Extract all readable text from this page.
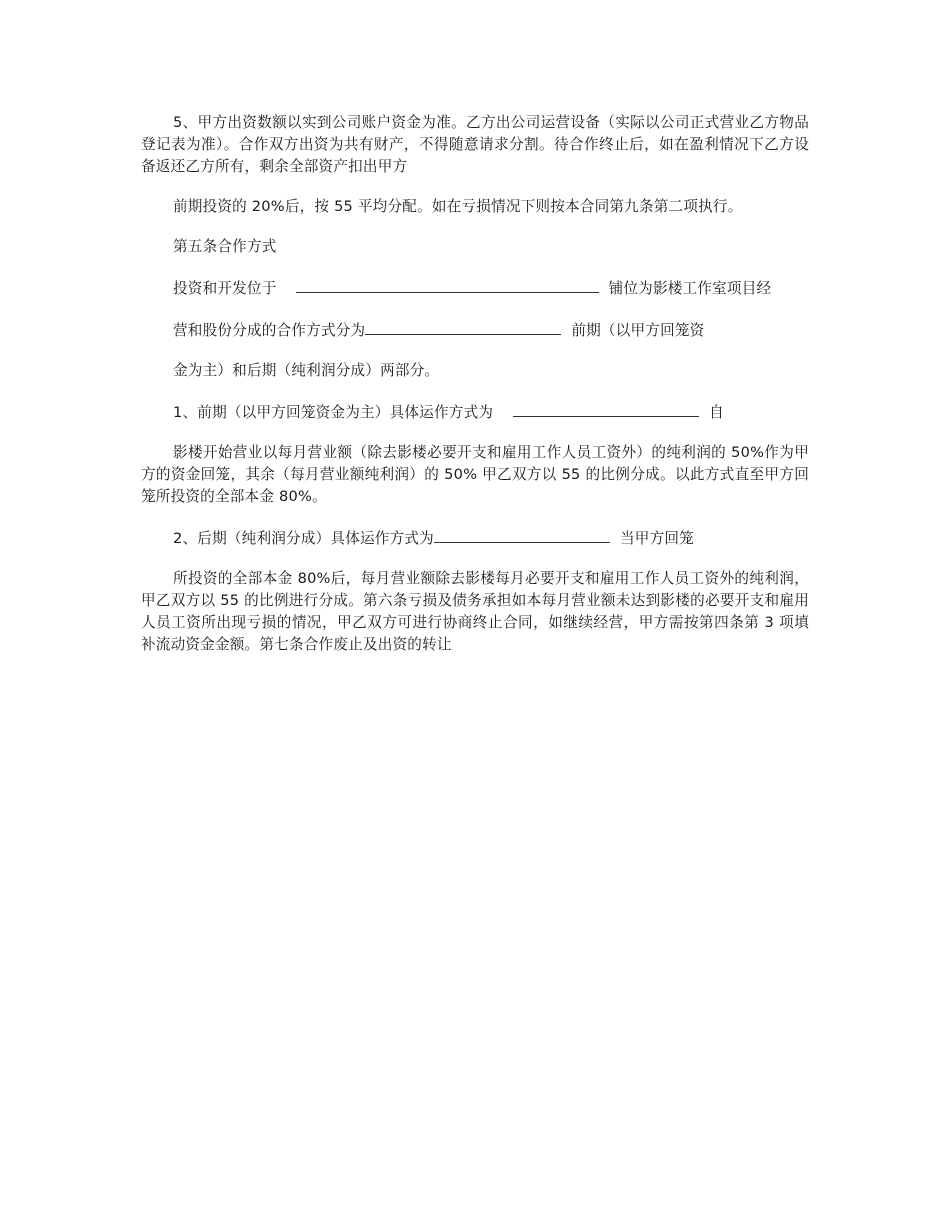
5、甲方出资数额以实到公司账户资金为准。乙方出公司运营设备（实际以公司正式营业乙方物品登记表为准）。合作双方出资为共有财产，不得随意请求分割。待合作终止后，如在盈利情况下乙方设备返还乙方所有，剩余全部资产扣出甲方

前期投资的 20%后，按 55 平均分配。如在亏损情况下则按本合同第九条第二项执行。

第五条合作方式

投资和开发位于	铺位为影楼工作室项目经

营和股份分成的合作方式分为	前期（以甲方回笼资

金为主）和后期（纯利润分成）两部分。

1、前期（以甲方回笼资金为主）具体运作方式为	自

影楼开始营业以每月营业额（除去影楼必要开支和雇用工作人员工资外）的纯利润的 50%作为甲方的资金回笼，其余（每月营业额纯利润）的 50% 甲乙双方以 55 的比例分成。以此方式直至甲方回笼所投资的全部本金 80%。

2、后期（纯利润分成）具体运作方式为	当甲方回笼

所投资的全部本金 80%后，每月营业额除去影楼每月必要开支和雇用工作人员工资外的纯利润，甲乙双方以 55 的比例进行分成。第六条亏损及债务承担如本每月营业额未达到影楼的必要开支和雇用人员工资所出现亏损的情况，甲乙双方可进行协商终止合同，如继续经营，甲方需按第四条第 3 项填补流动资金金额。第七条合作废止及出资的转让
